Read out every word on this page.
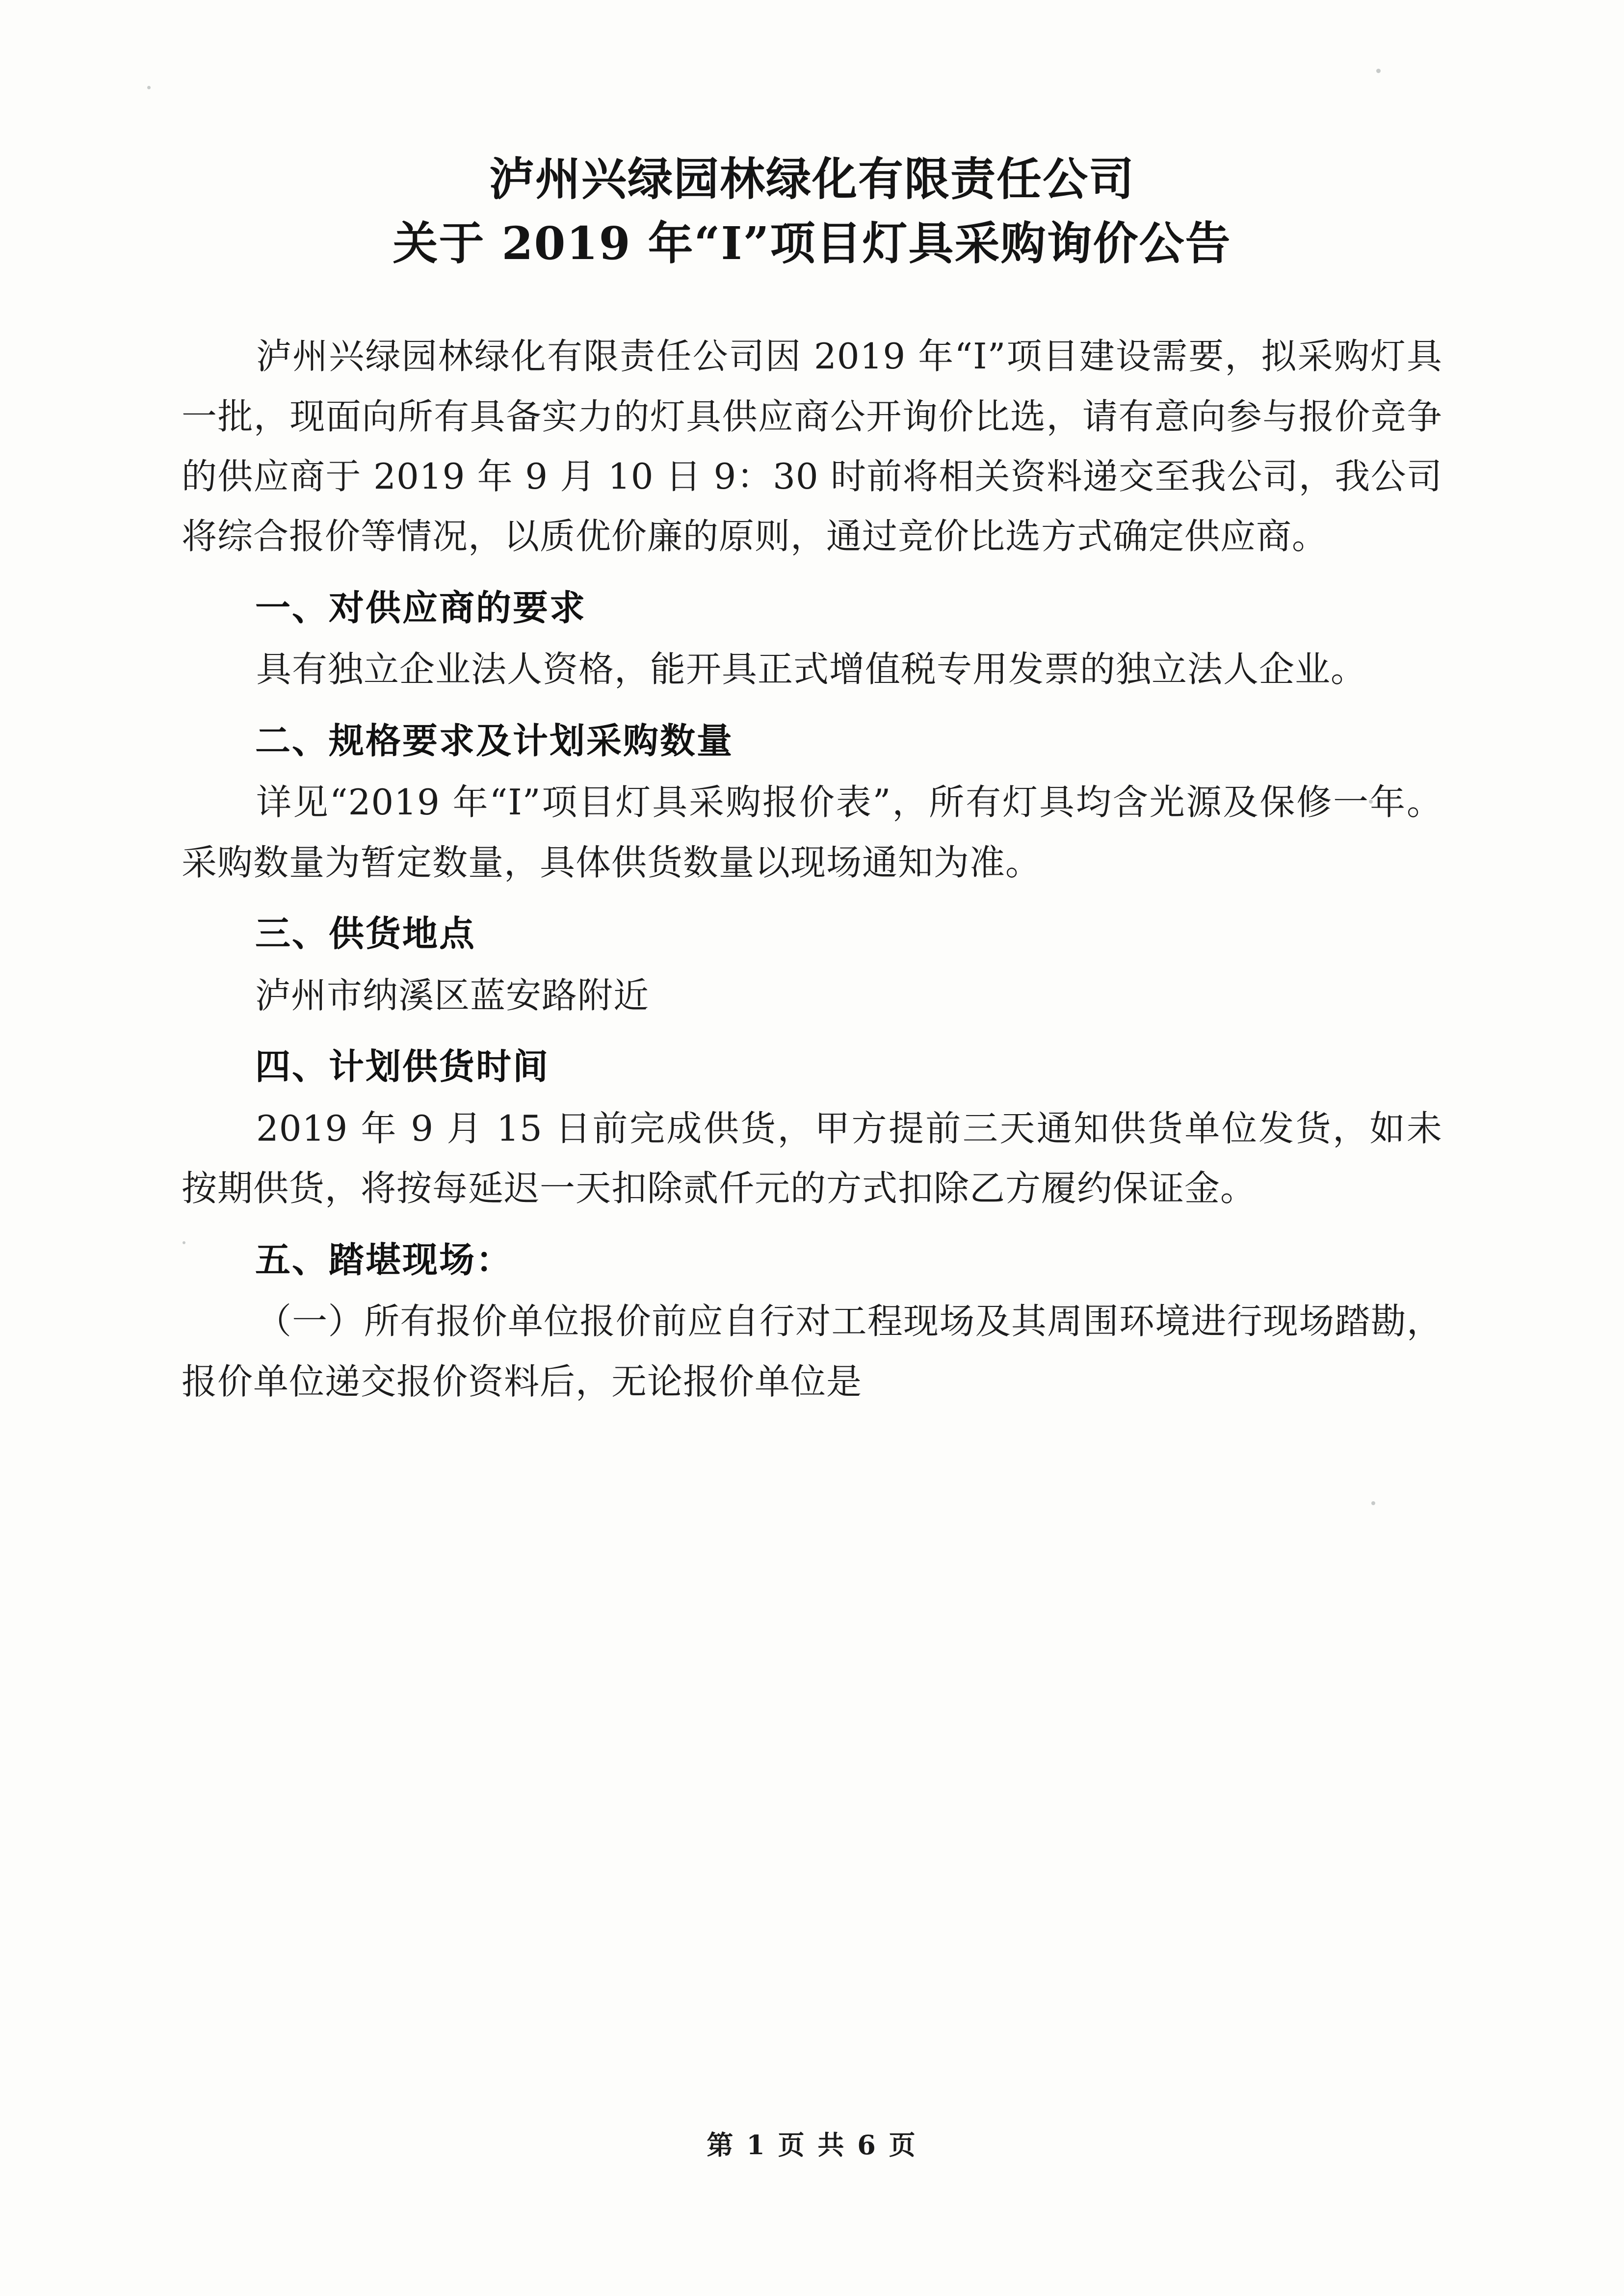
泸州兴绿园林绿化有限责任公司
关于 2019 年“I”项目灯具采购询价公告

泸州兴绿园林绿化有限责任公司因 2019 年“I”项目建设需要，拟采购灯具一批，现面向所有具备实力的灯具供应商公开询价比选，请有意向参与报价竞争的供应商于 2019 年 9 月 10 日 9：30 时前将相关资料递交至我公司，我公司将综合报价等情况，以质优价廉的原则，通过竞价比选方式确定供应商。

一、对供应商的要求

具有独立企业法人资格，能开具正式增值税专用发票的独立法人企业。

二、规格要求及计划采购数量

详见“2019 年“I”项目灯具采购报价表”，所有灯具均含光源及保修一年。采购数量为暂定数量，具体供货数量以现场通知为准。

三、供货地点

泸州市纳溪区蓝安路附近

四、计划供货时间

2019 年 9 月 15 日前完成供货，甲方提前三天通知供货单位发货，如未按期供货，将按每延迟一天扣除贰仟元的方式扣除乙方履约保证金。

五、踏堪现场：

（一）所有报价单位报价前应自行对工程现场及其周围环境进行现场踏勘，报价单位递交报价资料后，无论报价单位是

第 1 页 共 6 页
